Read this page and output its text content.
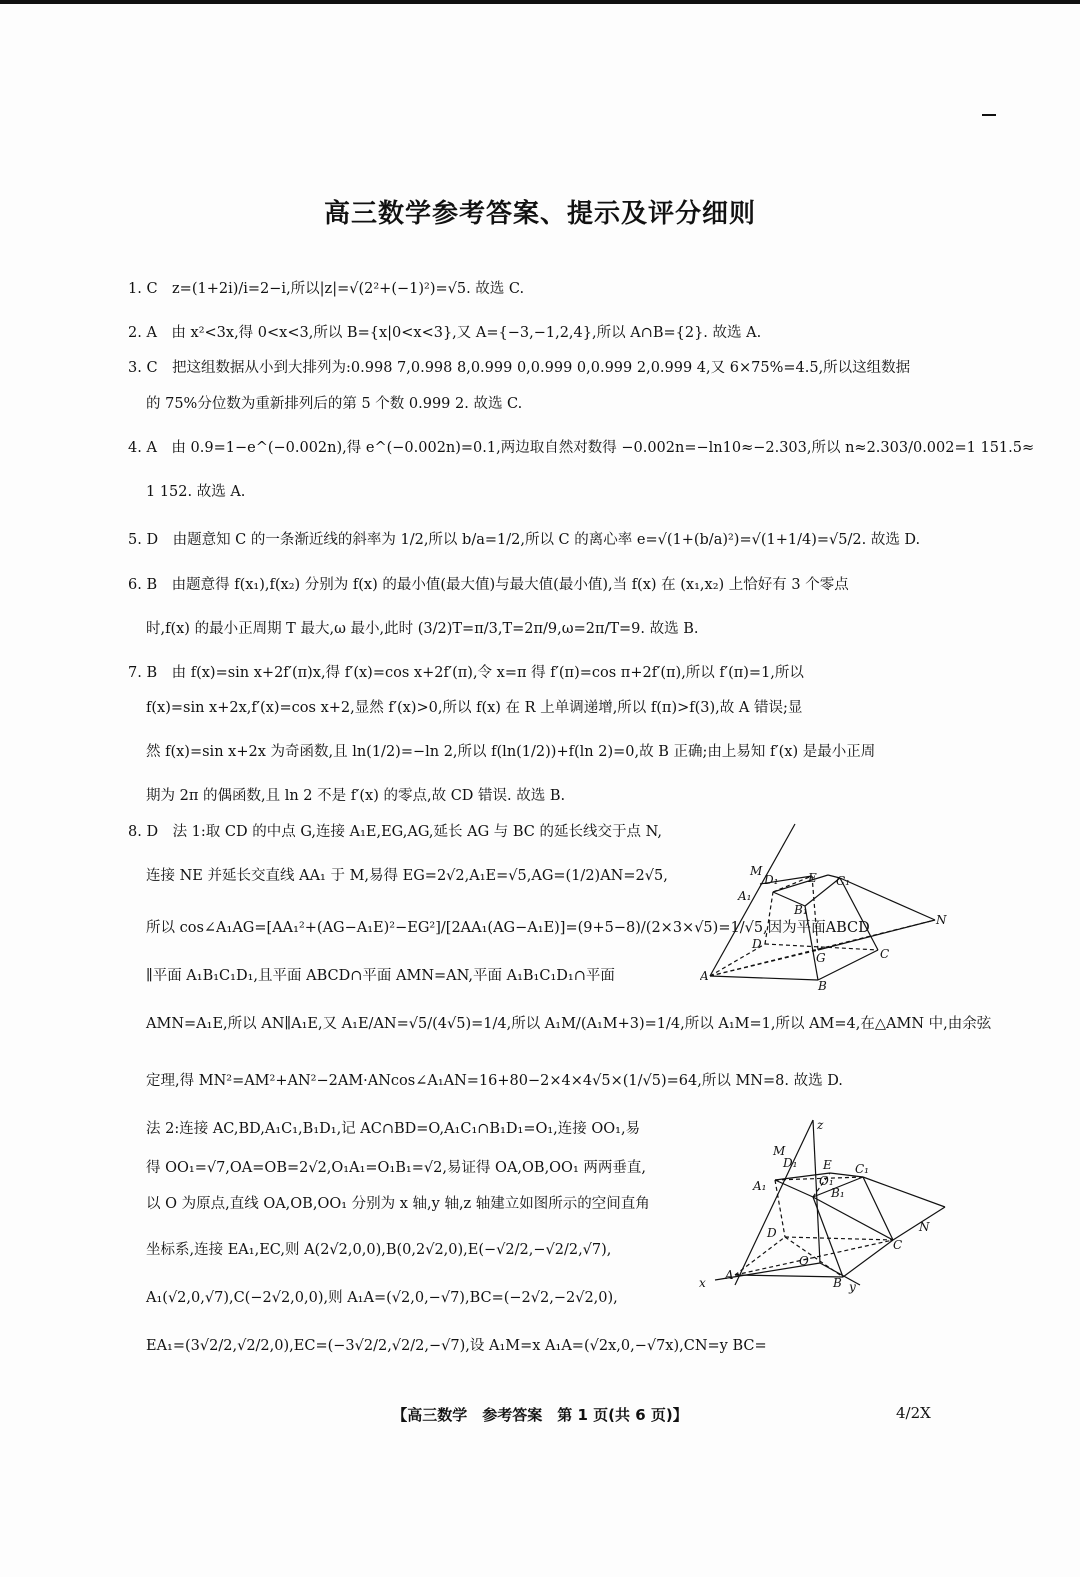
高三数学参考答案、提示及评分细则
1. C　z=(1+2i)/i=2−i,所以|z|=√(2²+(−1)²)=√5. 故选 C.
2. A　由 x²<3x,得 0<x<3,所以 B={x|0<x<3},又 A={−3,−1,2,4},所以 A∩B={2}. 故选 A.
3. C　把这组数据从小到大排列为:0.998 7,0.998 8,0.999 0,0.999 0,0.999 2,0.999 4,又 6×75%=4.5,所以这组数据
的 75%分位数为重新排列后的第 5 个数 0.999 2. 故选 C.
4. A　由 0.9=1−e^(−0.002n),得 e^(−0.002n)=0.1,两边取自然对数得 −0.002n=−ln10≈−2.303,所以 n≈2.303/0.002=1 151.5≈
1 152. 故选 A.
5. D　由题意知 C 的一条渐近线的斜率为 1/2,所以 b/a=1/2,所以 C 的离心率 e=√(1+(b/a)²)=√(1+1/4)=√5/2. 故选 D.
6. B　由题意得 f(x₁),f(x₂) 分别为 f(x) 的最小值(最大值)与最大值(最小值),当 f(x) 在 (x₁,x₂) 上恰好有 3 个零点
时,f(x) 的最小正周期 T 最大,ω 最小,此时 (3/2)T=π/3,T=2π/9,ω=2π/T=9. 故选 B.
7. B　由 f(x)=sin x+2f′(π)x,得 f′(x)=cos x+2f′(π),令 x=π 得 f′(π)=cos π+2f′(π),所以 f′(π)=1,所以
f(x)=sin x+2x,f′(x)=cos x+2,显然 f′(x)>0,所以 f(x) 在 R 上单调递增,所以 f(π)>f(3),故 A 错误;显
然 f(x)=sin x+2x 为奇函数,且 ln(1/2)=−ln 2,所以 f(ln(1/2))+f(ln 2)=0,故 B 正确;由上易知 f′(x) 是最小正周
期为 2π 的偶函数,且 ln 2 不是 f′(x) 的零点,故 CD 错误. 故选 B.
8. D　法 1:取 CD 的中点 G,连接 A₁E,EG,AG,延长 AG 与 BC 的延长线交于点 N,
连接 NE 并延长交直线 AA₁ 于 M,易得 EG=2√2,A₁E=√5,AG=(1/2)AN=2√5,
所以 cos∠A₁AG=[AA₁²+(AG−A₁E)²−EG²]/[2AA₁(AG−A₁E)]=(9+5−8)/(2×3×√5)=1/√5,因为平面ABCD
∥平面 A₁B₁C₁D₁,且平面 ABCD∩平面 AMN=AN,平面 A₁B₁C₁D₁∩平面
AMN=A₁E,所以 AN∥A₁E,又 A₁E/AN=√5/(4√5)=1/4,所以 A₁M/(A₁M+3)=1/4,所以 A₁M=1,所以 AM=4,在△AMN 中,由余弦
定理,得 MN²=AM²+AN²−2AM·ANcos∠A₁AN=16+80−2×4×4√5×(1/√5)=64,所以 MN=8. 故选 D.
法 2:连接 AC,BD,A₁C₁,B₁D₁,记 AC∩BD=O,A₁C₁∩B₁D₁=O₁,连接 OO₁,易
得 OO₁=√7,OA=OB=2√2,O₁A₁=O₁B₁=√2,易证得 OA,OB,OO₁ 两两垂直,
以 O 为原点,直线 OA,OB,OO₁ 分别为 x 轴,y 轴,z 轴建立如图所示的空间直角
坐标系,连接 EA₁,EC,则 A(2√2,0,0),B(0,2√2,0),E(−√2/2,−√2/2,√7),
A₁(√2,0,√7),C(−2√2,0,0),则 A₁A=(√2,0,−√7),BC=(−2√2,−2√2,0),
EA₁=(3√2/2,√2/2,0),EC=(−3√2/2,√2/2,−√7),设 A₁M=x A₁A=(√2x,0,−√7x),CN=y BC=
M
D₁ E C₁
A₁
B₁
N
D
G	C
A
B
z
M
D₁ E C₁
A₁	B₁
O₁
N
D
C
O
x
A
B y
【高三数学　参考答案　第 1 页(共 6 页)】	4/2X
